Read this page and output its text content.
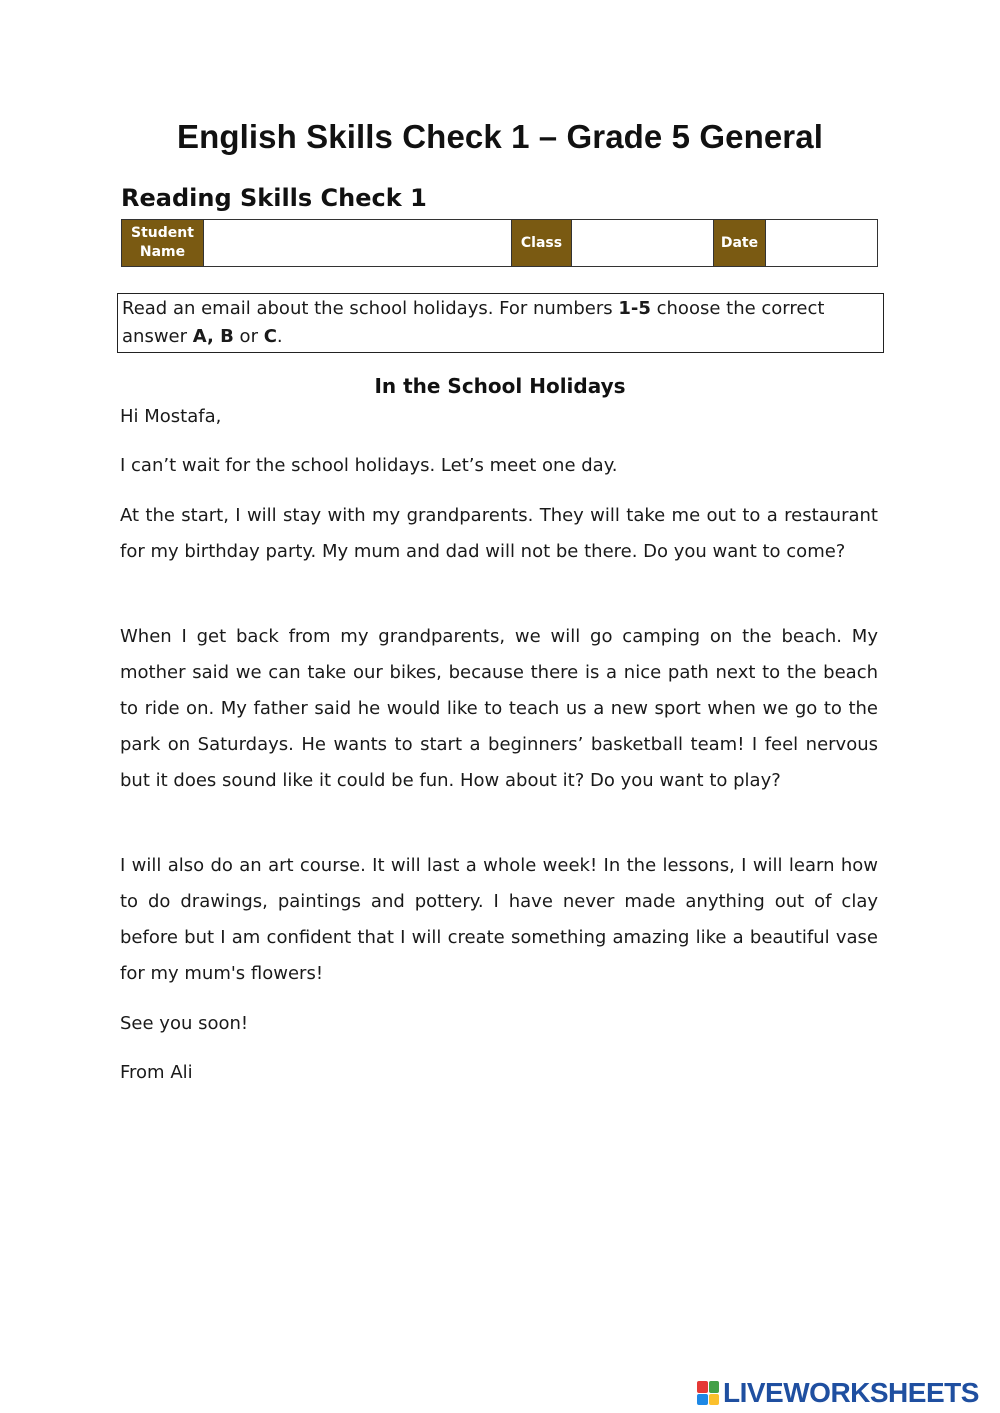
English Skills Check 1 – Grade 5 General
Reading Skills Check 1
Student
Name
Class	Date
Read an email about the school holidays. For numbers 1-5 choose the correct answer A, B or C.
In the School Holidays

Hi Mostafa,

I can’t wait for the school holidays. Let’s meet one day.

At the start, I will stay with my grandparents. They will take me out to a restaurant for my birthday party. My mum and dad will not be there. Do you want to come?

When I get back from my grandparents, we will go camping on the beach. My mother said we can take our bikes, because there is a nice path next to the beach to ride on. My father said he would like to teach us a new sport when we go to the park on Saturdays. He wants to start a beginners’ basketball team! I feel nervous but it does sound like it could be fun. How about it? Do you want to play?

I will also do an art course. It will last a whole week! In the lessons, I will learn how to do drawings, paintings and pottery. I have never made anything out of clay before but I am confident that I will create something amazing like a beautiful vase for my mum's flowers!

See you soon!

From Ali

LIVEWORKSHEETS
